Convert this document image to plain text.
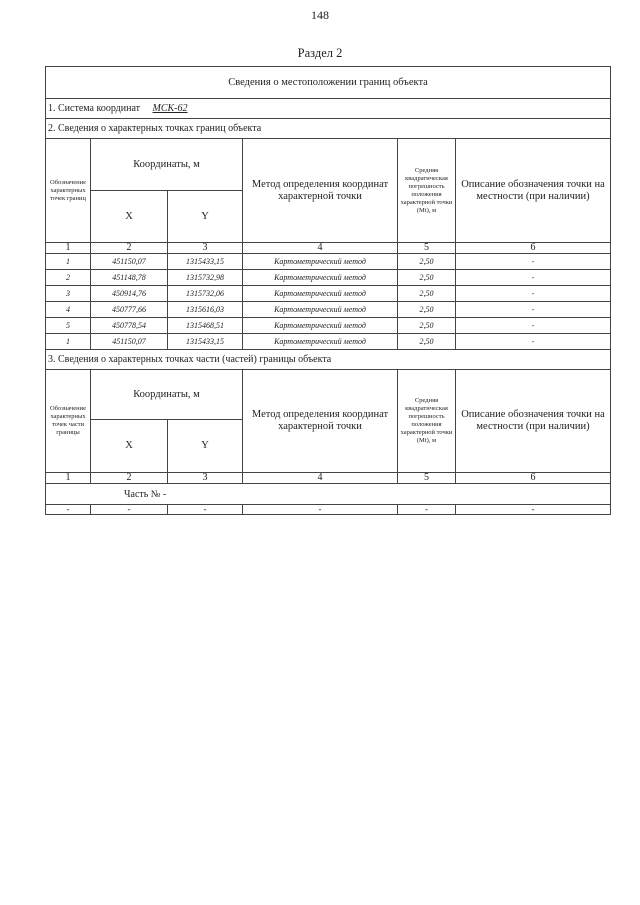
148
Раздел 2
Сведения о местоположении границ объекта					
1. Система координат МСК-62					
2. Сведения о характерных точках границ объекта					
Обозначение характерных точек границ	Координаты, м		Метод определения координат характерной точки	Средняя квадратическая погрешность положения характерной точки (Mt), м	Описание обозначения точки на местности (при наличии)
	X	Y			
1	2	3	4	5	6
1	451150,07	1315433,15	Картометрический метод	2,50	-
2	451148,78	1315732,98	Картометрический метод	2,50	-
3	450914,76	1315732,06	Картометрический метод	2,50	-
4	450777,66	1315616,03	Картометрический метод	2,50	-
5	450778,54	1315468,51	Картометрический метод	2,50	-
1	451150,07	1315433,15	Картометрический метод	2,50	-
3. Сведения о характерных точках части (частей) границы объекта					
Обозначение характерных точек части границы	Координаты, м		Метод определения координат характерной точки	Средняя квадратическая погрешность положения характерной точки (Mt), м	Описание обозначения точки на местности (при наличии)
	X	Y			
1	2	3	4	5	6
Часть № -					
-	-	-	-	-	-
